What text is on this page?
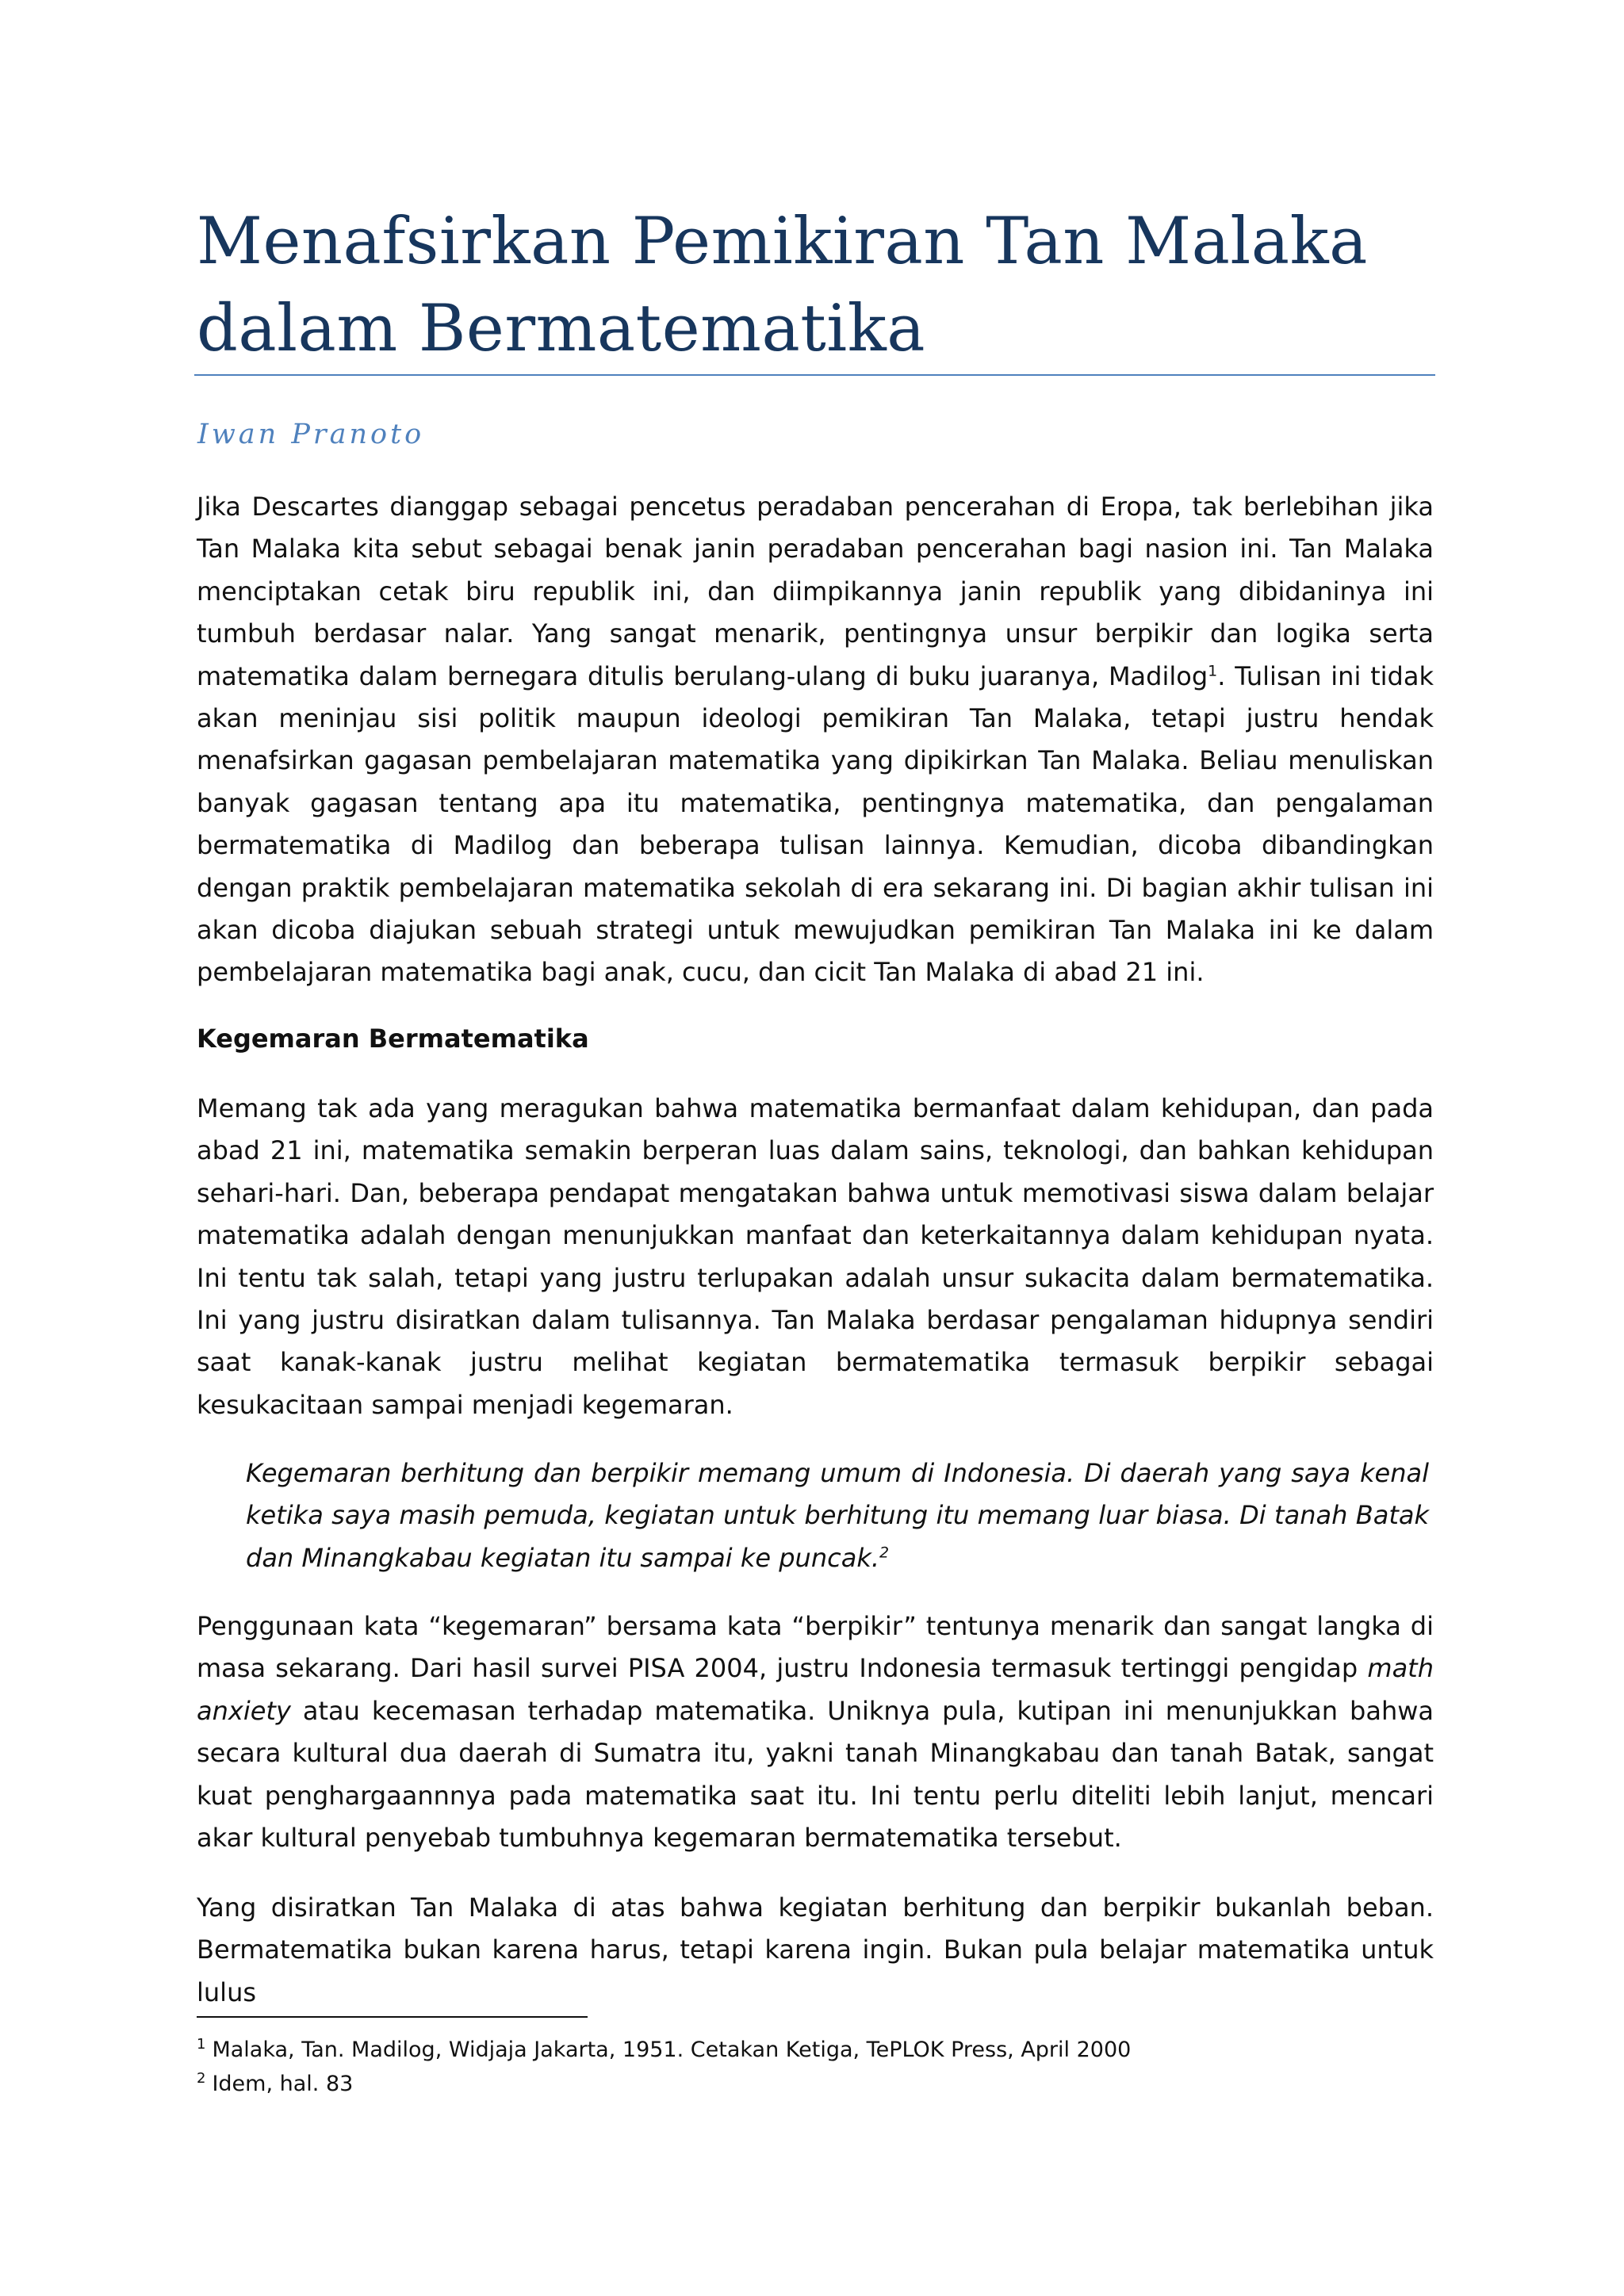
Menafsirkan Pemikiran Tan Malaka
dalam Bermatematika
Iwan Pranoto

Jika Descartes dianggap sebagai pencetus peradaban pencerahan di Eropa, tak berlebihan jika Tan Malaka kita sebut sebagai benak janin peradaban pencerahan bagi nasion ini. Tan Malaka menciptakan cetak biru republik ini, dan diimpikannya janin republik yang dibidaninya ini tumbuh berdasar nalar. Yang sangat menarik, pentingnya unsur berpikir dan logika serta matematika dalam bernegara ditulis berulang-ulang di buku juaranya, Madilog$^1$. Tulisan ini tidak akan meninjau sisi politik maupun ideologi pemikiran Tan Malaka, tetapi justru hendak menafsirkan gagasan pembelajaran matematika yang dipikirkan Tan Malaka. Beliau menuliskan banyak gagasan tentang apa itu matematika, pentingnya matematika, dan pengalaman bermatematika di Madilog dan beberapa tulisan lainnya. Kemudian, dicoba dibandingkan dengan praktik pembelajaran matematika sekolah di era sekarang ini. Di bagian akhir tulisan ini akan dicoba diajukan sebuah strategi untuk mewujudkan pemikiran Tan Malaka ini ke dalam pembelajaran matematika bagi anak, cucu, dan cicit Tan Malaka di abad 21 ini.

Kegemaran Bermatematika

Memang tak ada yang meragukan bahwa matematika bermanfaat dalam kehidupan, dan pada abad 21 ini, matematika semakin berperan luas dalam sains, teknologi, dan bahkan kehidupan sehari-hari. Dan, beberapa pendapat mengatakan bahwa untuk memotivasi siswa dalam belajar matematika adalah dengan menunjukkan manfaat dan keterkaitannya dalam kehidupan nyata. Ini tentu tak salah, tetapi yang justru terlupakan adalah unsur sukacita dalam bermatematika. Ini yang justru disiratkan dalam tulisannya. Tan Malaka berdasar pengalaman hidupnya sendiri saat kanak-kanak justru melihat kegiatan bermatematika termasuk berpikir sebagai kesukacitaan sampai menjadi kegemaran.

Kegemaran berhitung dan berpikir memang umum di Indonesia. Di daerah yang saya kenal ketika saya masih pemuda, kegiatan untuk berhitung itu memang luar biasa. Di tanah Batak dan Minangkabau kegiatan itu sampai ke puncak.$^2$

Penggunaan kata “kegemaran” bersama kata “berpikir” tentunya menarik dan sangat langka di masa sekarang. Dari hasil survei PISA 2004, justru Indonesia termasuk tertinggi pengidap math anxiety atau kecemasan terhadap matematika. Uniknya pula, kutipan ini menunjukkan bahwa secara kultural dua daerah di Sumatra itu, yakni tanah Minangkabau dan tanah Batak, sangat kuat penghargaannnya pada matematika saat itu. Ini tentu perlu diteliti lebih lanjut, mencari akar kultural penyebab tumbuhnya kegemaran bermatematika tersebut.

Yang disiratkan Tan Malaka di atas bahwa kegiatan berhitung dan berpikir bukanlah beban. Bermatematika bukan karena harus, tetapi karena ingin. Bukan pula belajar matematika untuk lulus

$^1$ Malaka, Tan. Madilog, Widjaja Jakarta, 1951. Cetakan Ketiga, TePLOK Press, April 2000
$^2$ Idem, hal. 83
